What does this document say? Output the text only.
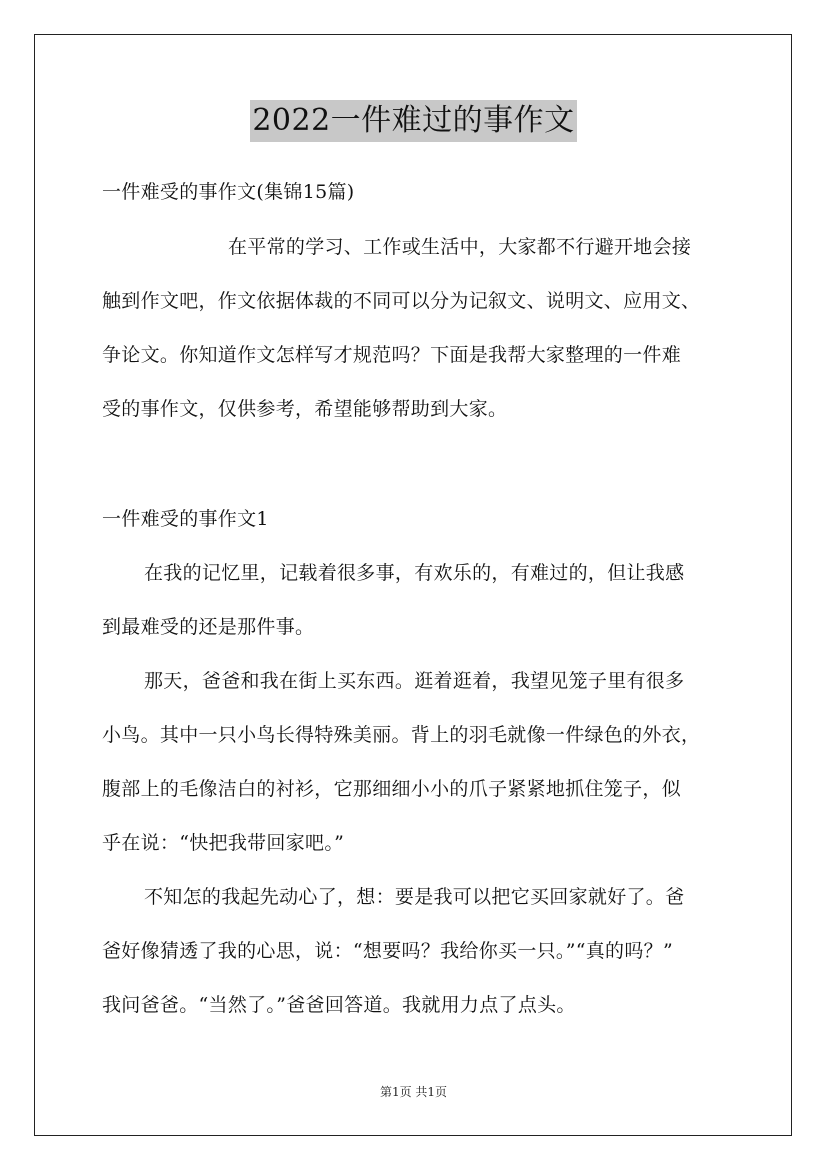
2022一件难过的事作文
一件难受的事作文(集锦15篇)
在平常的学习、工作或生活中，大家都不行避开地会接
触到作文吧，作文依据体裁的不同可以分为记叙文、说明文、应用文、
争论文。你知道作文怎样写才规范吗？下面是我帮大家整理的一件难
受的事作文，仅供参考，希望能够帮助到大家。
一件难受的事作文1
在我的记忆里，记载着很多事，有欢乐的，有难过的，但让我感
到最难受的还是那件事。
那天，爸爸和我在街上买东西。逛着逛着，我望见笼子里有很多
小鸟。其中一只小鸟长得特殊美丽。背上的羽毛就像一件绿色的外衣，
腹部上的毛像洁白的衬衫，它那细细小小的爪子紧紧地抓住笼子，似
乎在说：“快把我带回家吧。”
不知怎的我起先动心了，想：要是我可以把它买回家就好了。爸
爸好像猜透了我的心思，说：“想要吗？我给你买一只。”“真的吗？”
我问爸爸。“当然了。”爸爸回答道。我就用力点了点头。
第1页 共1页
